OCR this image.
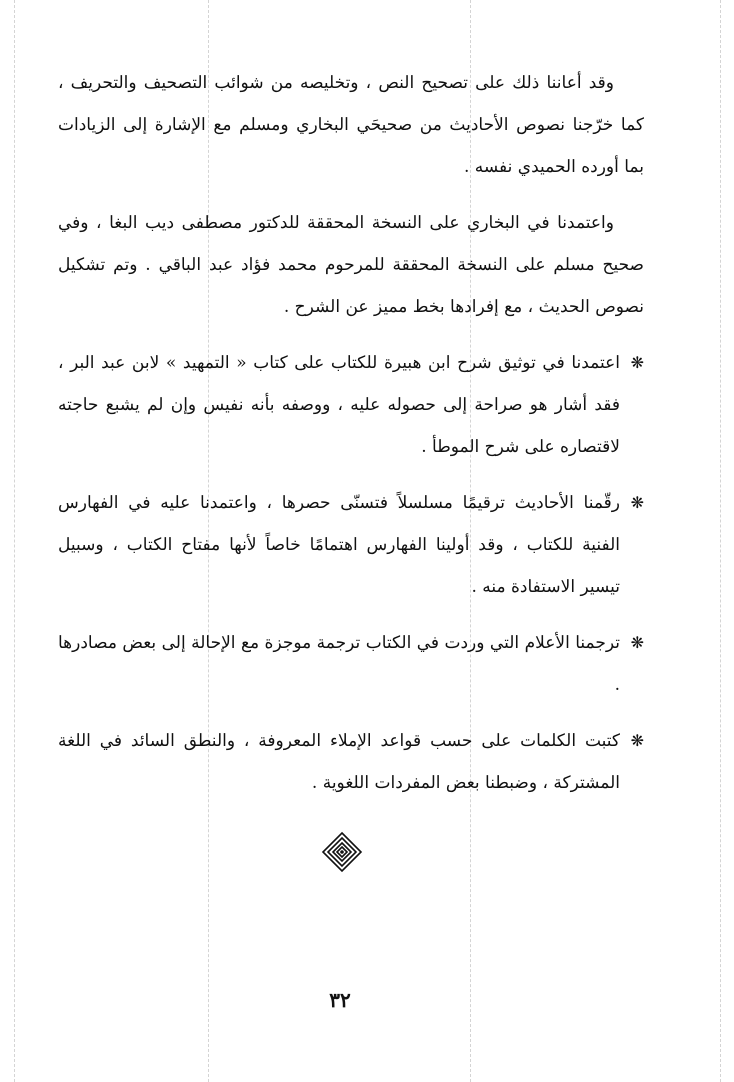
وقد أعاننا ذلك على تصحيح النص ، وتخليصه من شوائب التصحيف والتحريف ، كما خرّجنا نصوص الأحاديث من صحيحَي البخاري ومسلم مع الإشارة إلى الزيادات بما أورده الحميدي نفسه .

واعتمدنا في البخاري على النسخة المحققة للدكتور مصطفى ديب البغا ، وفي صحيح مسلم على النسخة المحققة للمرحوم محمد فؤاد عبد الباقي . وتم تشكيل نصوص الحديث ، مع إفرادها بخط مميز عن الشرح .

❋
اعتمدنا في توثيق شرح ابن هبيرة للكتاب على كتاب « التمهيد » لابن عبد البر ، فقد أشار هو صراحة إلى حصوله عليه ، ووصفه بأنه نفيس وإن لم يشبع حاجته لاقتصاره على شرح الموطأ .
❋
رقّمنا الأحاديث ترقيمًا مسلسلاً فتسنّى حصرها ، واعتمدنا عليه في الفهارس الفنية للكتاب ، وقد أولينا الفهارس اهتمامًا خاصاً لأنها مفتاح الكتاب ، وسبيل تيسير الاستفادة منه .
❋
ترجمنا الأعلام التي وردت في الكتاب ترجمة موجزة مع الإحالة إلى بعض مصادرها .
❋
كتبت الكلمات على حسب قواعد الإملاء المعروفة ، والنطق السائد في اللغة المشتركة ، وضبطنا بعض المفردات اللغوية .
٣٢
